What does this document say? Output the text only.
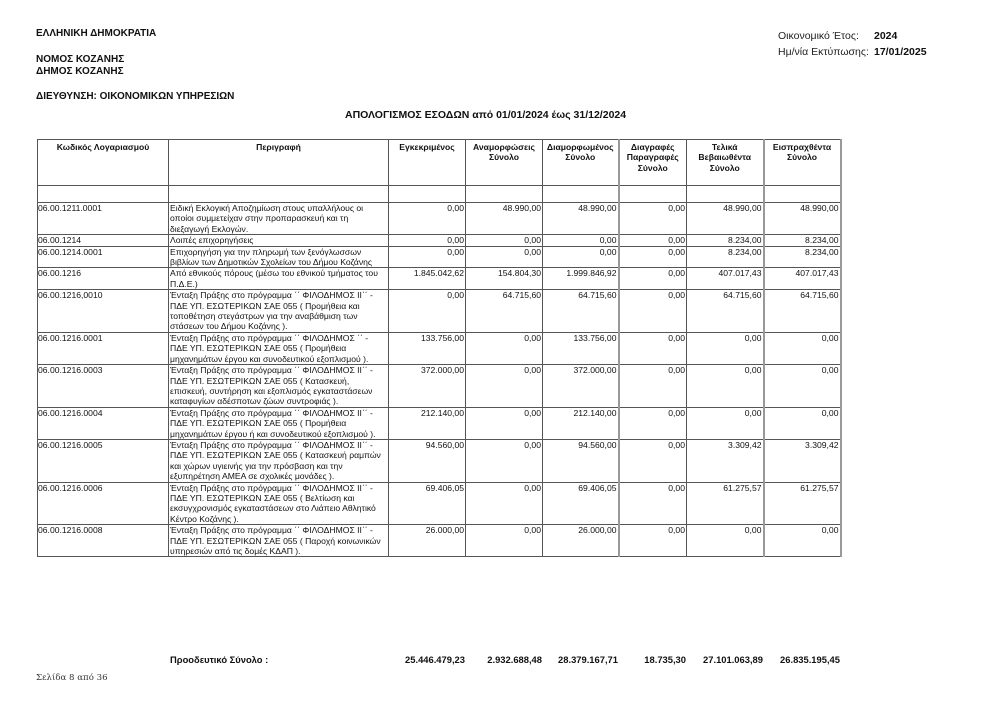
ΕΛΛΗΝΙΚΗ ΔΗΜΟΚΡΑΤΙΑ
ΝΟΜΟΣ ΚΟΖΑΝΗΣ
ΔΗΜΟΣ ΚΟΖΑΝΗΣ
ΔΙΕΥΘΥΝΣΗ: ΟΙΚΟΝΟΜΙΚΩΝ ΥΠΗΡΕΣΙΩΝ
Οικονομικό Έτος: 2024
Ημ/νία Εκτύπωσης: 17/01/2025
ΑΠΟΛΟΓΙΣΜΟΣ ΕΣΟΔΩΝ από 01/01/2024 έως 31/12/2024
Κωδικός Λογαριασμού	Περιγραφή	Εγκεκριμένος	Αναμορφώσεις Σύνολο	Διαμορφωμένος Σύνολο	Διαγραφές Παραγραφές Σύνολο	Τελικά Βεβαιωθέντα Σύνολο	Εισπραχθέντα Σύνολο

06.00.1211.0001	Ειδική Εκλογική Αποζημίωση στους υπαλλήλους οι οποίοι συμμετείχαν στην προπαρασκευή και τη διεξαγωγή Εκλογών.	0,00	48.990,00	48.990,00	0,00	48.990,00	48.990,00
06.00.1214	Λοιπές επιχορηγήσεις	0,00	0,00	0,00	0,00	8.234,00	8.234,00
06.00.1214.0001	Επιχορηγήση για την πληρωμή των ξενόγλωσσων βιβλίων των Δημοτικών Σχολείων του Δήμου Κοζάνης	0,00	0,00	0,00	0,00	8.234,00	8.234,00
06.00.1216	Από εθνικούς πόρους (μέσω του εθνικού τμήματος του Π.Δ.Ε.)	1.845.042,62	154.804,30	1.999.846,92	0,00	407.017,43	407.017,43
06.00.1216,0010	Ένταξη Πράξης στο πρόγραμμα ΄΄ ΦΙΛΟΔΗΜΟΣ ΙΙ΄΄ - ΠΔΕ ΥΠ. ΕΣΩΤΕΡΙΚΩΝ ΣΑΕ 055 ( Προμήθεια και τοποθέτηση στεγάστρων για την αναβάθμιση των στάσεων του Δήμου Κοζάνης ).	0,00	64.715,60	64.715,60	0,00	64.715,60	64.715,60
06.00.1216.0001	Ένταξη Πράξης στο πρόγραμμα ΄΄ ΦΙΛΟΔΗΜΟΣ ΄΄ - ΠΔΕ ΥΠ. ΕΣΩΤΕΡΙΚΩΝ ΣΑΕ 055 ( Προμήθεια μηχανημάτων έργου και συνοδευτικού εξοπλισμού ).	133.756,00	0,00	133.756,00	0,00	0,00	0,00
06.00.1216.0003	Ένταξη Πράξης στο πρόγραμμα ΄΄ ΦΙΛΟΔΗΜΟΣ ΙΙ΄΄ - ΠΔΕ ΥΠ. ΕΣΩΤΕΡΙΚΩΝ ΣΑΕ 055 ( Κατασκευή, επισκευή, συντήρηση και εξοπλισμός εγκαταστάσεων καταφυγίων αδέσποτων ζώων συντροφιάς ).	372.000,00	0,00	372.000,00	0,00	0,00	0,00
06.00.1216.0004	Ένταξη Πράξης στο πρόγραμμα ΄΄ ΦΙΛΟΔΗΜΟΣ ΙΙ΄΄ - ΠΔΕ ΥΠ. ΕΣΩΤΕΡΙΚΩΝ ΣΑΕ 055 ( Προμήθεια μηχανημάτων έργου ή και συνοδευτικού εξοπλισμού ).	212.140,00	0,00	212.140,00	0,00	0,00	0,00
06.00.1216.0005	Ένταξη Πράξης στο πρόγραμμα ΄΄ ΦΙΛΟΔΗΜΟΣ ΙΙ΄΄ - ΠΔΕ ΥΠ. ΕΣΩΤΕΡΙΚΩΝ ΣΑΕ 055 ( Κατασκευή ραμπών και χώρων υγιεινής για την πρόσβαση και την εξυπηρέτηση ΑΜΕΑ σε σχολικές μονάδες ).	94.560,00	0,00	94.560,00	0,00	3.309,42	3.309,42
06.00.1216.0006	Ένταξη Πράξης στο πρόγραμμα ΄΄ ΦΙΛΟΔΗΜΟΣ ΙΙ΄΄ - ΠΔΕ ΥΠ. ΕΣΩΤΕΡΙΚΩΝ ΣΑΕ 055 ( Βελτίωση και εκσυγχρονισμός εγκαταστάσεων στο Λιάπειο Αθλητικό Κέντρο Κοζάνης ).	69.406,05	0,00	69.406,05	0,00	61.275,57	61.275,57
06.00.1216.0008	Ένταξη Πράξης στο πρόγραμμα ΄΄ ΦΙΛΟΔΗΜΟΣ ΙΙ΄΄ - ΠΔΕ ΥΠ. ΕΣΩΤΕΡΙΚΩΝ ΣΑΕ 055 ( Παροχή κοινωνικών υπηρεσιών από τις δομές ΚΔΑΠ ).	26.000,00	0,00	26.000,00	0,00	0,00	0,00
Προοδευτικό Σύνολο :	25.446.479,23	2.932.688,48	28.379.167,71	18.735,30	27.101.063,89	26.835.195,45
Σελίδα 8 από 36
